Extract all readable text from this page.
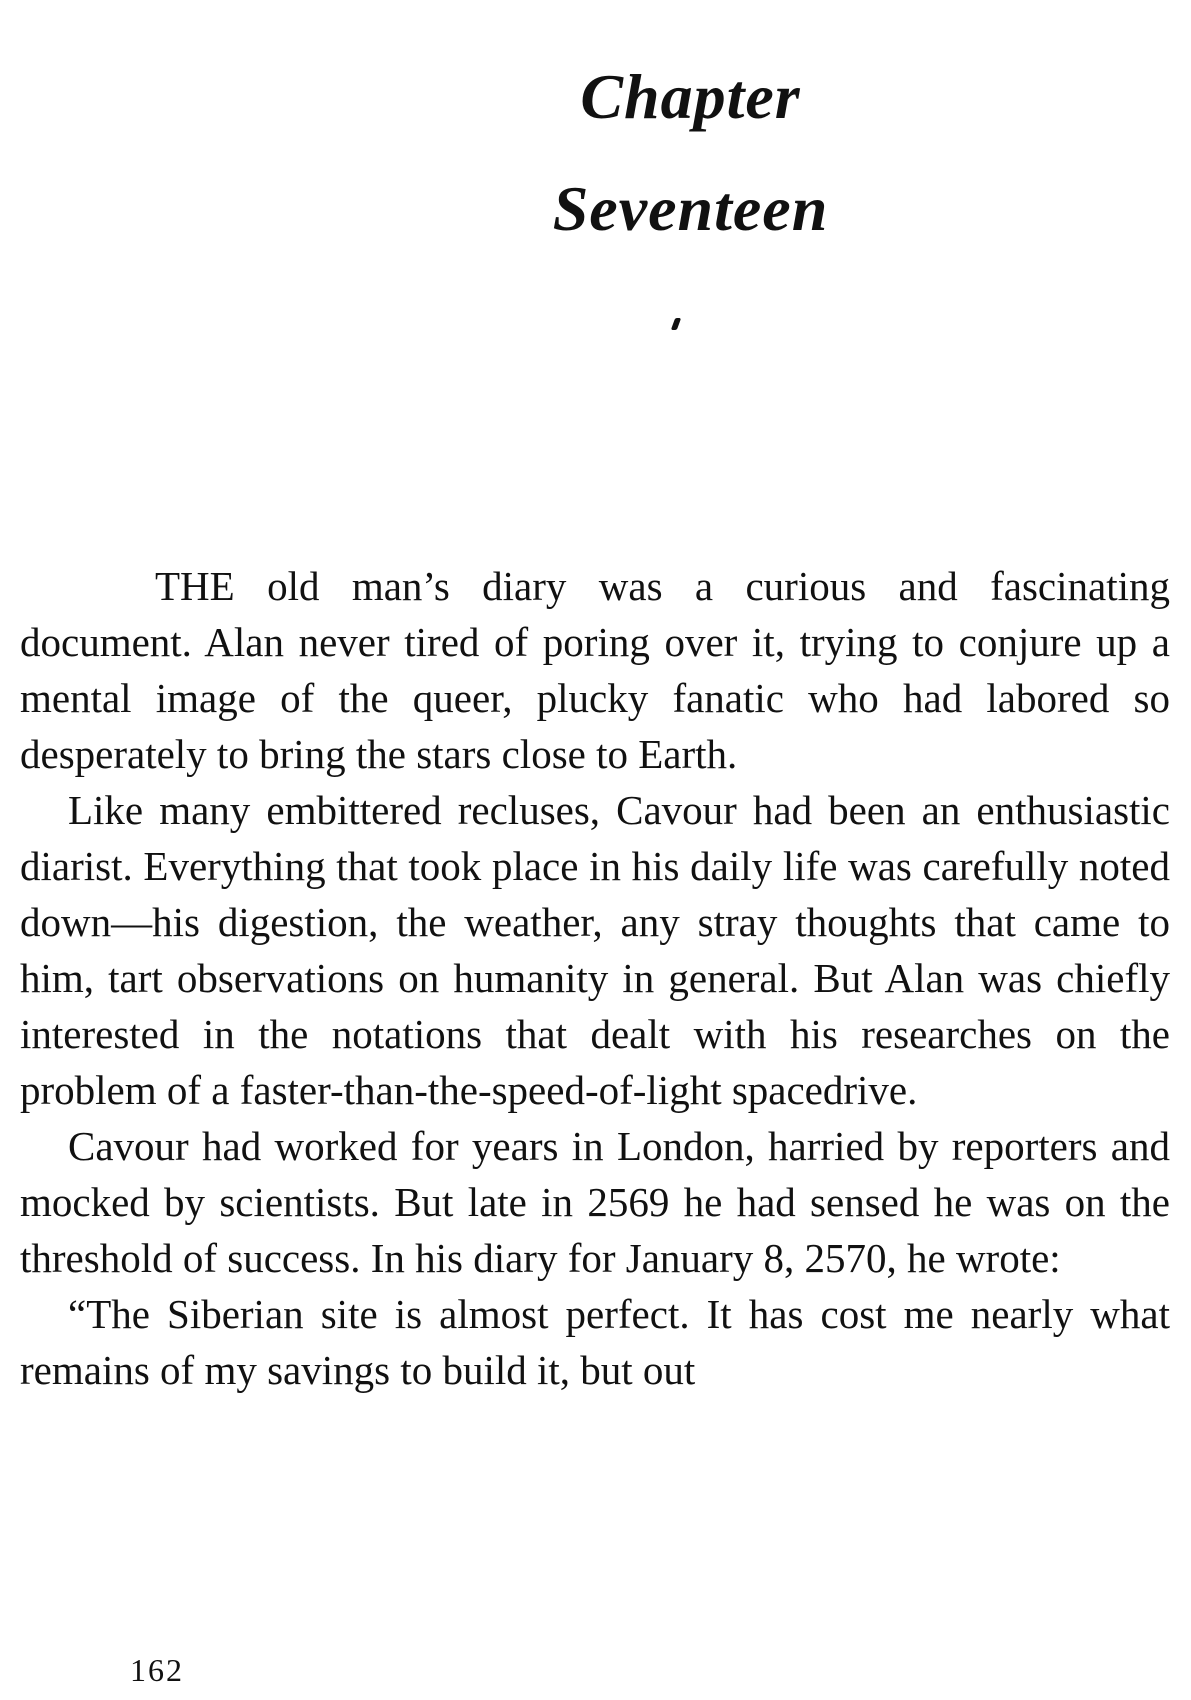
Chapter
Seventeen

THE old man’s diary was a curious and fascinating document. Alan never tired of poring over it, trying to conjure up a mental image of the queer, plucky fanatic who had labored so desperately to bring the stars close to Earth.

Like many embittered recluses, Cavour had been an enthusiastic diarist. Everything that took place in his daily life was carefully noted down—his digestion, the weather, any stray thoughts that came to him, tart observations on humanity in general. But Alan was chiefly interested in the notations that dealt with his researches on the problem of a faster-than-the-speed-of-light spacedrive.

Cavour had worked for years in London, harried by reporters and mocked by scientists. But late in 2569 he had sensed he was on the threshold of success. In his diary for January 8, 2570, he wrote:

“The Siberian site is almost perfect. It has cost me nearly what remains of my savings to build it, but out

162
